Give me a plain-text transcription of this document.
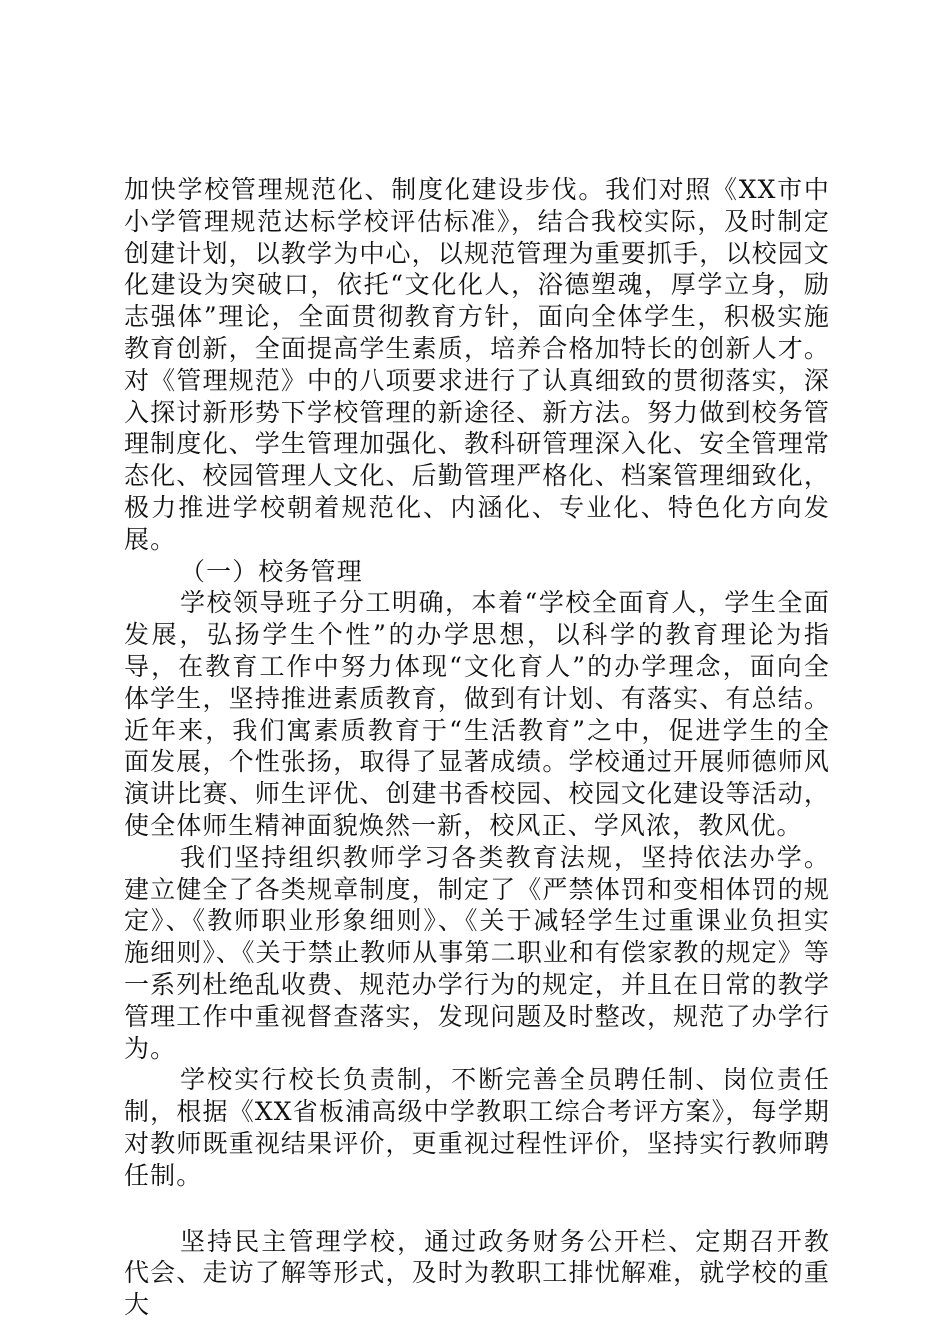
加快学校管理规范化、制度化建设步伐。我们对照《XX市中小学管理规范达标学校评估标准》，结合我校实际，及时制定创建计划，以教学为中心，以规范管理为重要抓手，以校园文化建设为突破口，依托“文化化人，浴德塑魂，厚学立身，励志强体”理论，全面贯彻教育方针，面向全体学生，积极实施教育创新，全面提高学生素质，培养合格加特长的创新人才。对《管理规范》中的八项要求进行了认真细致的贯彻落实，深入探讨新形势下学校管理的新途径、新方法。努力做到校务管理制度化、学生管理加强化、教科研管理深入化、安全管理常态化、校园管理人文化、后勤管理严格化、档案管理细致化，极力推进学校朝着规范化、内涵化、专业化、特色化方向发展。

（一）校务管理

学校领导班子分工明确，本着“学校全面育人，学生全面发展，弘扬学生个性”的办学思想，以科学的教育理论为指导，在教育工作中努力体现“文化育人”的办学理念，面向全体学生，坚持推进素质教育，做到有计划、有落实、有总结。近年来，我们寓素质教育于“生活教育”之中，促进学生的全面发展，个性张扬，取得了显著成绩。学校通过开展师德师风演讲比赛、师生评优、创建书香校园、校园文化建设等活动，使全体师生精神面貌焕然一新，校风正、学风浓，教风优。

我们坚持组织教师学习各类教育法规，坚持依法办学。建立健全了各类规章制度，制定了《严禁体罚和变相体罚的规定》、《教师职业形象细则》、《关于减轻学生过重课业负担实施细则》、《关于禁止教师从事第二职业和有偿家教的规定》等一系列杜绝乱收费、规范办学行为的规定，并且在日常的教学管理工作中重视督查落实，发现问题及时整改，规范了办学行为。

学校实行校长负责制，不断完善全员聘任制、岗位责任制，根据《XX省板浦高级中学教职工综合考评方案》，每学期对教师既重视结果评价，更重视过程性评价，坚持实行教师聘任制。

坚持民主管理学校，通过政务财务公开栏、定期召开教代会、走访了解等形式，及时为教职工排忧解难，就学校的重大
